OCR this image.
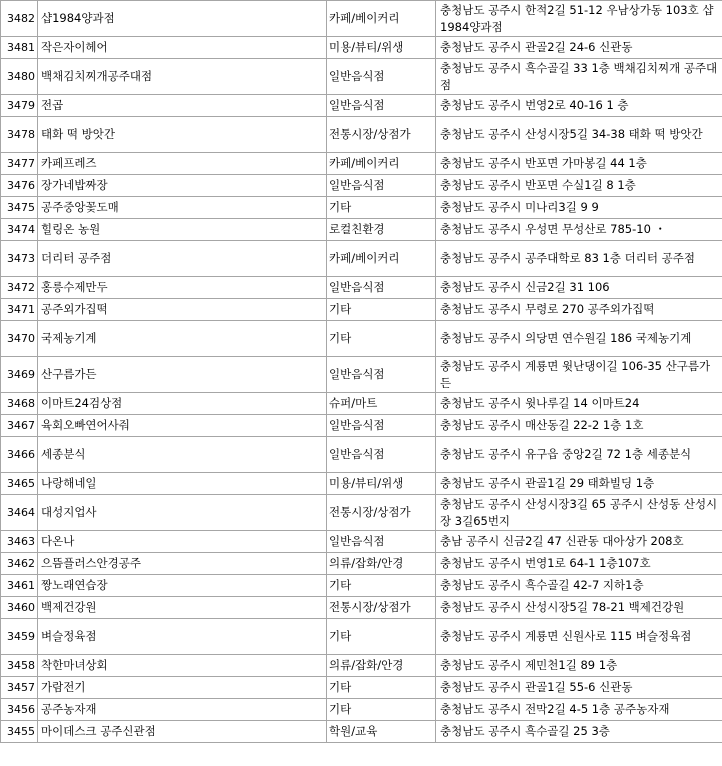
3482	샵1984양과점	카페/베이커리	충청남도 공주시 한적2길 51-12 우남상가동 103호 샵1984양과점
3481	작은자이헤어	미용/뷰티/위생	충청남도 공주시 관골2길 24-6 신관동
3480	백채김치찌개공주대점	일반음식점	충청남도 공주시 흑수골길 33 1층 백채김치찌개 공주대점
3479	전곱	일반음식점	충청남도 공주시 번영2로 40-16 1 층
3478	태화 떡 방앗간	전통시장/상점가	충청남도 공주시 산성시장5길 34-38 태화 떡 방앗간
3477	카페프레즈	카페/베이커리	충청남도 공주시 반포면 가마봉길 44 1층
3476	장가네밥짜장	일반음식점	충청남도 공주시 반포면 수실1길 8 1층
3475	공주중앙꽃도매	기타	충청남도 공주시 미나리3길 9 9
3474	힐링온 농원	로컬친환경	충청남도 공주시 우성면 무성산로 785-10 ・
3473	더리터 공주점	카페/베이커리	충청남도 공주시 공주대학로 83 1층 더리터 공주점
3472	홍릉수제만두	일반음식점	충청남도 공주시 신금2길 31 106
3471	공주외가집떡	기타	충청남도 공주시 무령로 270 공주외가집떡
3470	국제농기계	기타	충청남도 공주시 의당면 연수원길 186 국제농기계
3469	산구름가든	일반음식점	충청남도 공주시 계룡면 윗난댕이길 106-35 산구름가든
3468	이마트24검상점	슈퍼/마트	충청남도 공주시 윗나루길 14 이마트24
3467	육회오빠연어사줘	일반음식점	충청남도 공주시 매산동길 22-2 1층 1호
3466	세종분식	일반음식점	충청남도 공주시 유구읍 중앙2길 72 1층 세종분식
3465	나랑해네일	미용/뷰티/위생	충청남도 공주시 관골1길 29 태화빌딩 1층
3464	대성지업사	전통시장/상점가	충청남도 공주시 산성시장3길 65 공주시 산성동 산성시장 3길65번지
3463	다온나	일반음식점	충남 공주시 신금2길 47 신관동 대아상가 208호
3462	으뜸플러스안경공주	의류/잡화/안경	충청남도 공주시 번영1로 64-1 1층107호
3461	짱노래연습장	기타	충청남도 공주시 흑수골길 42-7 지하1층
3460	백제건강원	전통시장/상점가	충청남도 공주시 산성시장5길 78-21 백제건강원
3459	벼슬정육점	기타	충청남도 공주시 계룡면 신원사로 115 벼슬정육점
3458	착한마녀상회	의류/잡화/안경	충청남도 공주시 제민천1길 89 1층
3457	가람전기	기타	충청남도 공주시 관골1길 55-6 신관동
3456	공주농자재	기타	충청남도 공주시 전막2길 4-5 1층 공주농자재
3455	마이데스크 공주신관점	학원/교육	충청남도 공주시 흑수골길 25 3층
